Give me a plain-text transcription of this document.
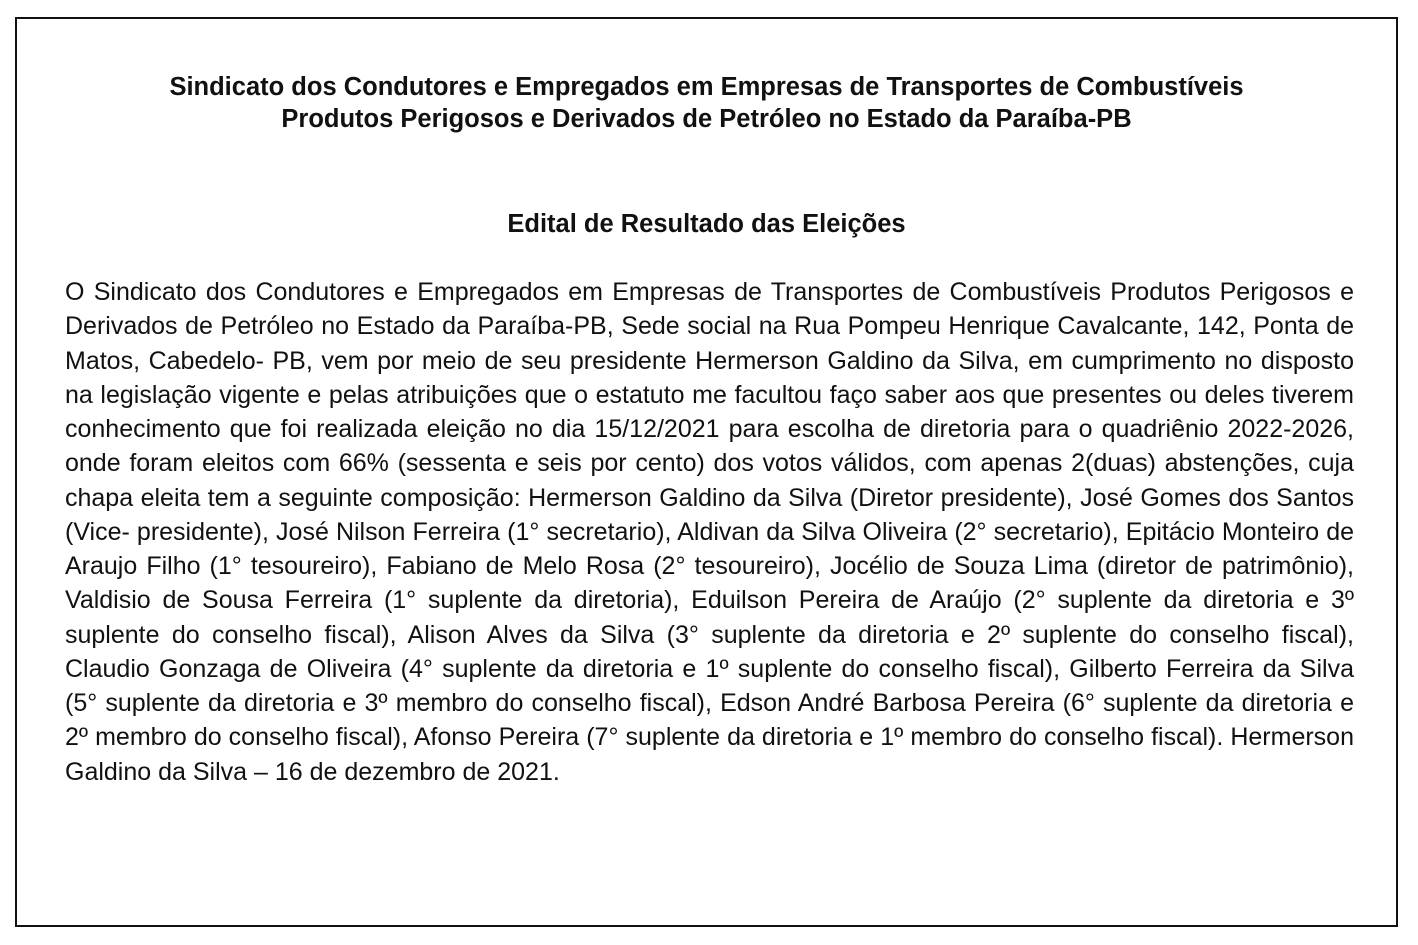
Sindicato dos Condutores e Empregados em Empresas de Transportes de Combustíveis
Produtos Perigosos e Derivados de Petróleo no Estado da Paraíba-PB
Edital de Resultado das Eleições

O Sindicato dos Condutores e Empregados em Empresas de Transportes de Combustíveis Produtos Perigosos e Derivados de Petróleo no Estado da Paraíba-PB, Sede social na Rua Pompeu Henrique Cavalcante, 142, Ponta de Matos, Cabedelo- PB, vem por meio de seu presidente Hermerson Galdino da Silva, em cumprimento no disposto na legislação vigente e pelas atribuições que o estatuto me facultou faço saber aos que presentes ou deles tiverem conhecimento que foi realizada eleição no dia 15/12/2021 para escolha de diretoria para o quadriênio 2022-2026, onde foram eleitos com 66% (sessenta e seis por cento) dos votos válidos, com apenas 2(duas) abstenções, cuja chapa eleita tem a seguinte composição: Hermerson Galdino da Silva (Diretor presidente), José Gomes dos Santos (Vice- presidente), José Nilson Ferreira (1° secretario), Aldivan da Silva Oliveira (2° secretario), Epitácio Monteiro de Araujo Filho (1° tesoureiro), Fabiano de Melo Rosa (2° tesoureiro), Jocélio de Souza Lima (diretor de patrimônio), Valdisio de Sousa Ferreira (1° suplente da diretoria), Eduilson Pereira de Araújo (2° suplente da diretoria e 3º suplente do conselho fiscal), Alison Alves da Silva (3° suplente da diretoria e 2º suplente do conselho fiscal), Claudio Gonzaga de Oliveira (4° suplente da diretoria e 1º suplente do conselho fiscal), Gilberto Ferreira da Silva (5° suplente da diretoria e 3º membro do conselho fiscal), Edson André Barbosa Pereira (6° suplente da diretoria e 2º membro do conselho fiscal), Afonso Pereira (7° suplente da diretoria e 1º membro do conselho fiscal). Hermerson Galdino da Silva – 16 de dezembro de 2021.
